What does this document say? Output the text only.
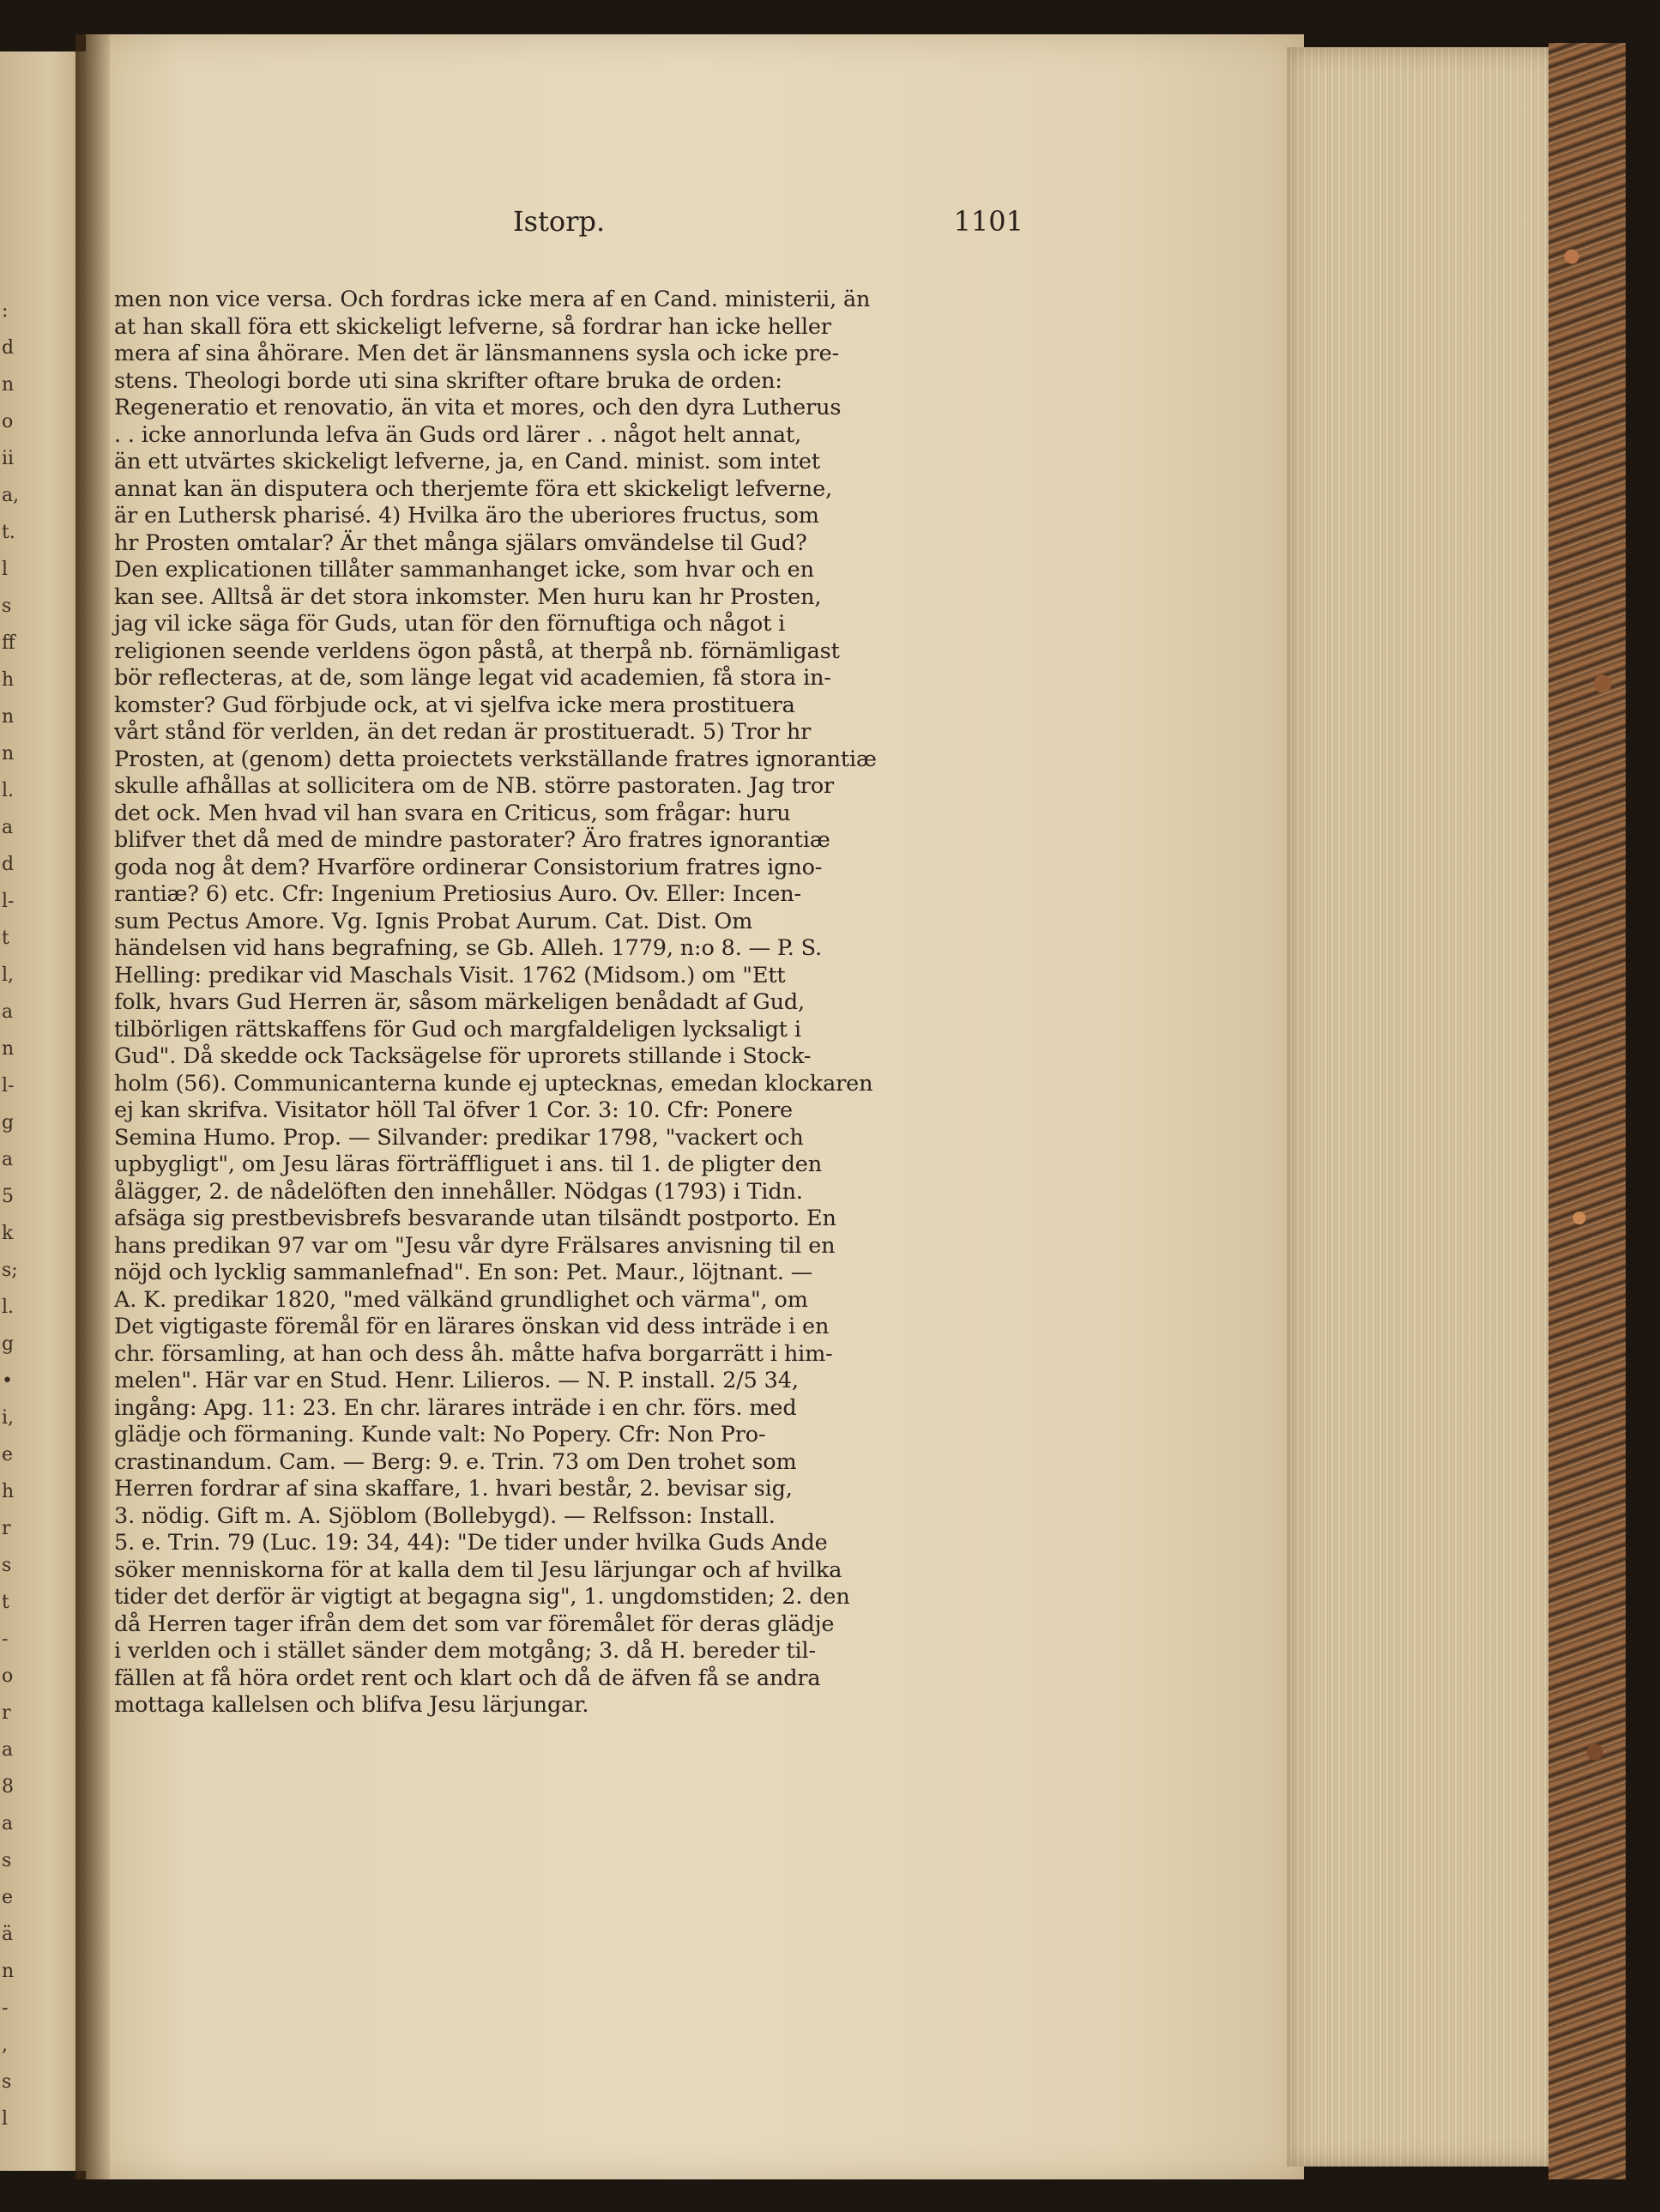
:
d
n
o
ii
a,
t.
l
s
ff
h
n
n
l.
a
d
l-
t
l,
a
n
l-
g
a
5
k
s;
l.
g
•
i,
e
h
r
s
t
-
o
r
a
8
a
s
e
ä
n
-
,
s
l
Istorp.	1101
men non vice versa. Och fordras icke mera af en Cand. ministerii, än
at han skall föra ett skickeligt lefverne, så fordrar han icke heller
mera af sina åhörare. Men det är länsmannens sysla och icke pre-
stens. Theologi borde uti sina skrifter oftare bruka de orden:
Regeneratio et renovatio, än vita et mores, och den dyra Lutherus
. . icke annorlunda lefva än Guds ord lärer . . något helt annat,
än ett utvärtes skickeligt lefverne, ja, en Cand. minist. som intet
annat kan än disputera och therjemte föra ett skickeligt lefverne,
är en Luthersk pharisé. 4) Hvilka äro the uberiores fructus, som
hr Prosten omtalar? Är thet många själars omvändelse til Gud?
Den explicationen tillåter sammanhanget icke, som hvar och en
kan see. Alltså är det stora inkomster. Men huru kan hr Prosten,
jag vil icke säga för Guds, utan för den förnuftiga och något i
religionen seende verldens ögon påstå, at therpå nb. förnämligast
bör reflecteras, at de, som länge legat vid academien, få stora in-
komster? Gud förbjude ock, at vi sjelfva icke mera prostituera
vårt stånd för verlden, än det redan är prostitueradt. 5) Tror hr
Prosten, at (genom) detta proiectets verkställande fratres ignorantiæ
skulle afhållas at sollicitera om de NB. större pastoraten. Jag tror
det ock. Men hvad vil han svara en Criticus, som frågar: huru
blifver thet då med de mindre pastorater? Äro fratres ignorantiæ
goda nog åt dem? Hvarföre ordinerar Consistorium fratres igno-
rantiæ? 6) etc. Cfr: Ingenium Pretiosius Auro. Ov. Eller: Incen-
sum Pectus Amore. Vg. Ignis Probat Aurum. Cat. Dist. Om
händelsen vid hans begrafning, se Gb. Alleh. 1779, n:o 8. — P. S.
Helling: predikar vid Maschals Visit. 1762 (Midsom.) om "Ett
folk, hvars Gud Herren är, såsom märkeligen benådadt af Gud,
tilbörligen rättskaffens för Gud och margfaldeligen lycksaligt i
Gud". Då skedde ock Tacksägelse för uprorets stillande i Stock-
holm (56). Communicanterna kunde ej uptecknas, emedan klockaren
ej kan skrifva. Visitator höll Tal öfver 1 Cor. 3: 10. Cfr: Ponere
Semina Humo. Prop. — Silvander: predikar 1798, "vackert och
upbygligt", om Jesu läras förträffliguet i ans. til 1. de pligter den
ålägger, 2. de nådelöften den innehåller. Nödgas (1793) i Tidn.
afsäga sig prestbevisbrefs besvarande utan tilsändt postporto. En
hans predikan 97 var om "Jesu vår dyre Frälsares anvisning til en
nöjd och lycklig sammanlefnad". En son: Pet. Maur., löjtnant. —
A. K. predikar 1820, "med välkänd grundlighet och värma", om
Det vigtigaste föremål för en lärares önskan vid dess inträde i en
chr. församling, at han och dess åh. måtte hafva borgarrätt i him-
melen". Här var en Stud. Henr. Lilieros. — N. P. install. 2/5 34,
ingång: Apg. 11: 23. En chr. lärares inträde i en chr. förs. med
glädje och förmaning. Kunde valt: No Popery. Cfr: Non Pro-
crastinandum. Cam. — Berg: 9. e. Trin. 73 om Den trohet som
Herren fordrar af sina skaffare, 1. hvari består, 2. bevisar sig,
3. nödig. Gift m. A. Sjöblom (Bollebygd). — Relfsson: Install.
5. e. Trin. 79 (Luc. 19: 34, 44): "De tider under hvilka Guds Ande
söker menniskorna för at kalla dem til Jesu lärjungar och af hvilka
tider det derför är vigtigt at begagna sig", 1. ungdomstiden; 2. den
då Herren tager ifrån dem det som var föremålet för deras glädje
i verlden och i stället sänder dem motgång; 3. då H. bereder til-
fällen at få höra ordet rent och klart och då de äfven få se andra
mottaga kallelsen och blifva Jesu lärjungar.
